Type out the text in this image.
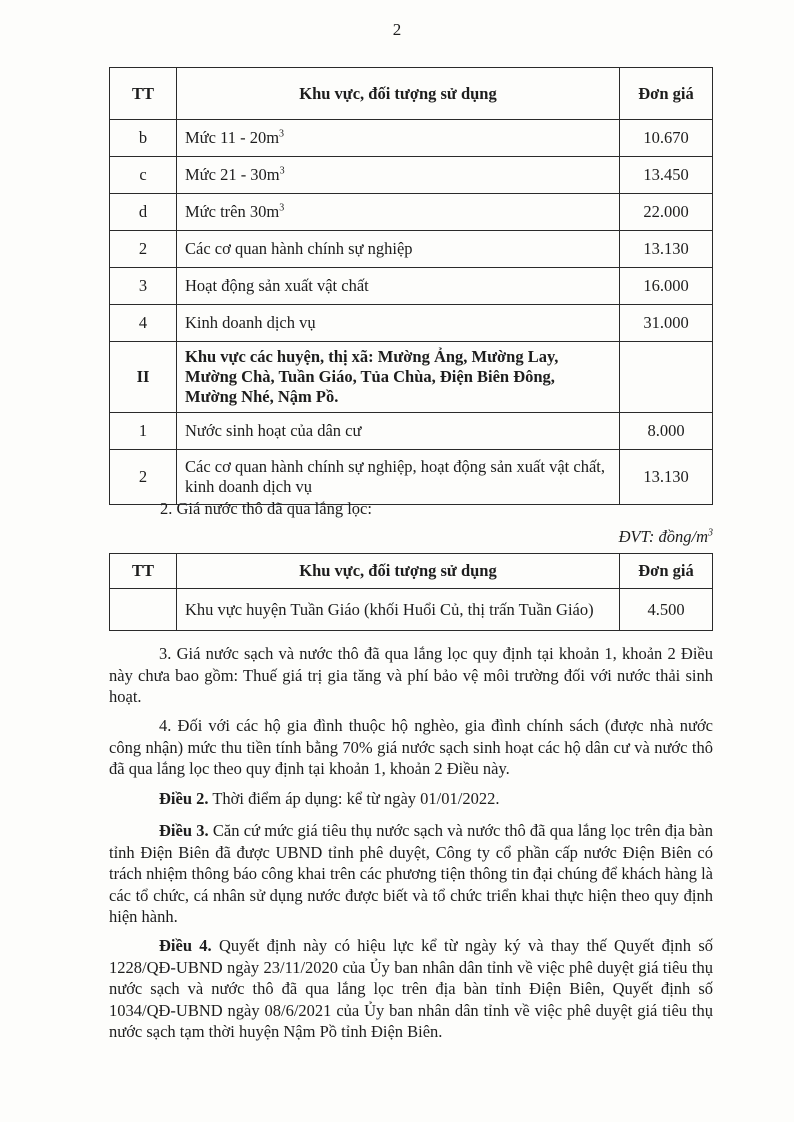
2
TT	Khu vực, đối tượng sử dụng	Đơn giá
b	Mức $11 - 20m^3$	10.670
c	Mức $21 - 30m^3$	13.450
d	Mức trên $30m^3$	22.000
2	Các cơ quan hành chính sự nghiệp	13.130
3	Hoạt động sản xuất vật chất	16.000
4	Kinh doanh dịch vụ	31.000
II	Khu vực các huyện, thị xã: Mường Ảng, Mường Lay, Mường Chà, Tuần Giáo, Tủa Chùa, Điện Biên Đông, Mường Nhé, Nậm Pồ.	
1	Nước sinh hoạt của dân cư	8.000
2	Các cơ quan hành chính sự nghiệp, hoạt động sản xuất vật chất, kinh doanh dịch vụ	13.130
2. Giá nước thô đã qua lắng lọc:
ĐVT: đồng/$m^3$
TT	Khu vực, đối tượng sử dụng	Đơn giá
	Khu vực huyện Tuần Giáo (khối Huổi Củ, thị trấn Tuần Giáo)	4.500
3. Giá nước sạch và nước thô đã qua lắng lọc quy định tại khoản 1, khoản 2 Điều này chưa bao gồm: Thuế giá trị gia tăng và phí bảo vệ môi trường đối với nước thải sinh hoạt.
4. Đối với các hộ gia đình thuộc hộ nghèo, gia đình chính sách (được nhà nước công nhận) mức thu tiền tính bằng 70% giá nước sạch sinh hoạt các hộ dân cư và nước thô đã qua lắng lọc theo quy định tại khoản 1, khoản 2 Điều này.
Điều 2. Thời điểm áp dụng: kể từ ngày 01/01/2022.
Điều 3. Căn cứ mức giá tiêu thụ nước sạch và nước thô đã qua lắng lọc trên địa bàn tỉnh Điện Biên đã được UBND tỉnh phê duyệt, Công ty cổ phần cấp nước Điện Biên có trách nhiệm thông báo công khai trên các phương tiện thông tin đại chúng để khách hàng là các tổ chức, cá nhân sử dụng nước được biết và tổ chức triển khai thực hiện theo quy định hiện hành.
Điều 4. Quyết định này có hiệu lực kể từ ngày ký và thay thế Quyết định số 1228/QĐ-UBND ngày 23/11/2020 của Ủy ban nhân dân tỉnh về việc phê duyệt giá tiêu thụ nước sạch và nước thô đã qua lắng lọc trên địa bàn tỉnh Điện Biên, Quyết định số 1034/QĐ-UBND ngày 08/6/2021 của Ủy ban nhân dân tỉnh về việc phê duyệt giá tiêu thụ nước sạch tạm thời huyện Nậm Pồ tỉnh Điện Biên.
